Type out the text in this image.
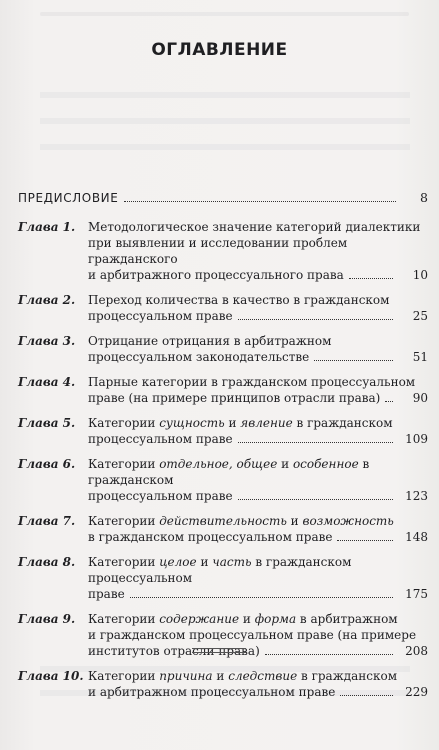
ОГЛАВЛЕНИЕ
ПРЕДИСЛОВИЕ	8
Глава 1.	Методологическое значение категорий диалектики
при выявлении и исследовании проблем гражданского
и арбитражного процессуального права	10
Глава 2.	Переход количества в качество в гражданском
процессуальном праве	25
Глава 3.	Отрицание отрицания в арбитражном
процессуальном законодательстве	51
Глава 4.	Парные категории в гражданском процессуальном
праве (на примере принципов отрасли права)	90
Глава 5.	Категории сущность и явление в гражданском
процессуальном праве	109
Глава 6.	Категории отдельное, общее и особенное в гражданском
процессуальном праве	123
Глава 7.	Категории действительность и возможность
в гражданском процессуальном праве	148
Глава 8.	Категории целое и часть в гражданском процессуальном
праве	175
Глава 9.	Категории содержание и форма в арбитражном
и гражданском процессуальном праве (на примере
институтов отрасли права)	208
Глава 10. Категории причина и следствие в гражданском
и арбитражном процессуальном праве	229
